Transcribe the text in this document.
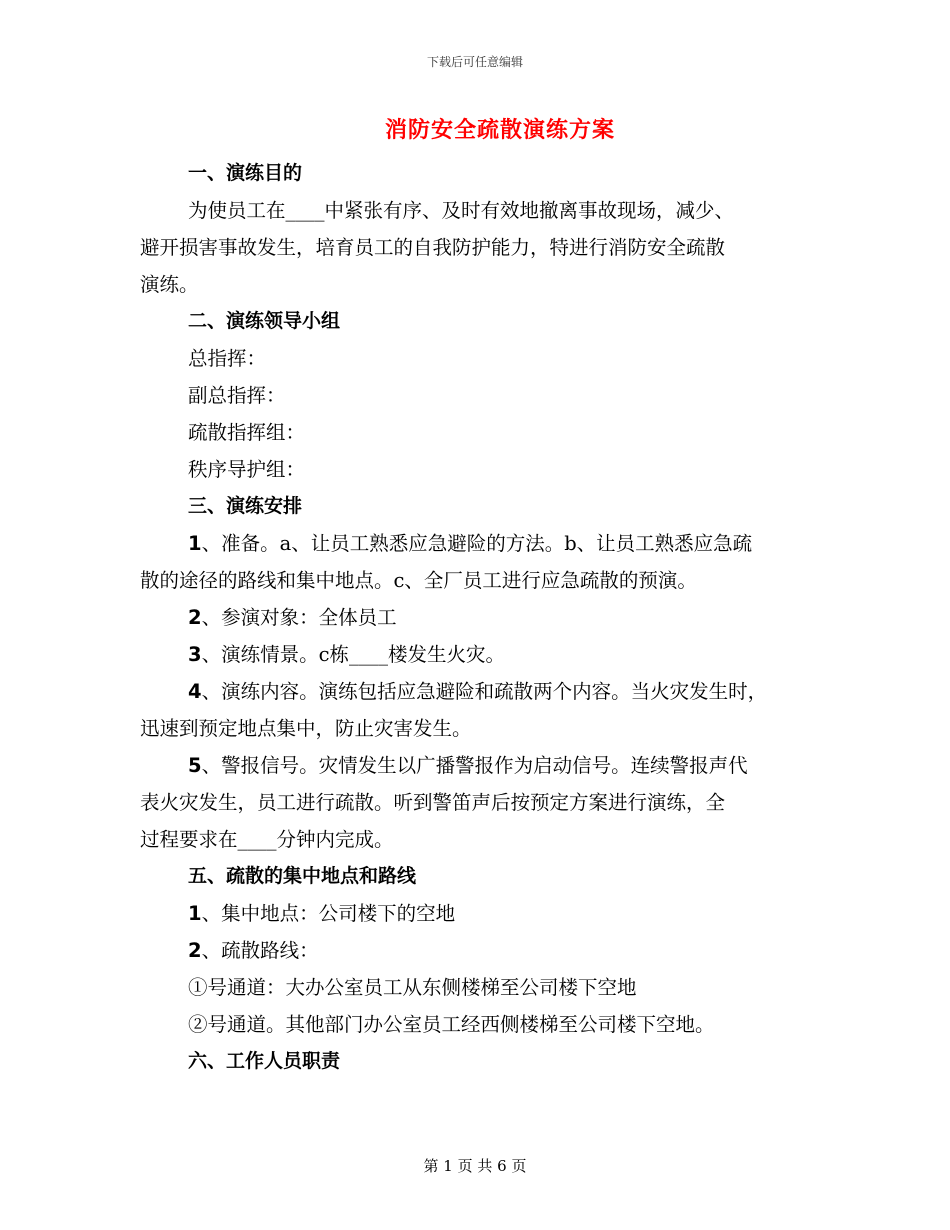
下载后可任意编辑
消防安全疏散演练方案
一、演练目的
为使员工在____中紧张有序、及时有效地撤离事故现场，减少、
避开损害事故发生，培育员工的自我防护能力，特进行消防安全疏散
演练。
二、演练领导小组
总指挥：
副总指挥：
疏散指挥组：
秩序导护组：
三、演练安排
1、准备。a、让员工熟悉应急避险的方法。b、让员工熟悉应急疏
散的途径的路线和集中地点。c、全厂员工进行应急疏散的预演。
2、参演对象：全体员工
3、演练情景。c栋____楼发生火灾。
4、演练内容。演练包括应急避险和疏散两个内容。当火灾发生时，
迅速到预定地点集中，防止灾害发生。
5、警报信号。灾情发生以广播警报作为启动信号。连续警报声代
表火灾发生，员工进行疏散。听到警笛声后按预定方案进行演练，全
过程要求在____分钟内完成。
五、疏散的集中地点和路线
1、集中地点：公司楼下的空地
2、疏散路线：
①号通道：大办公室员工从东侧楼梯至公司楼下空地
②号通道。其他部门办公室员工经西侧楼梯至公司楼下空地。
六、工作人员职责
第 1 页 共 6 页
